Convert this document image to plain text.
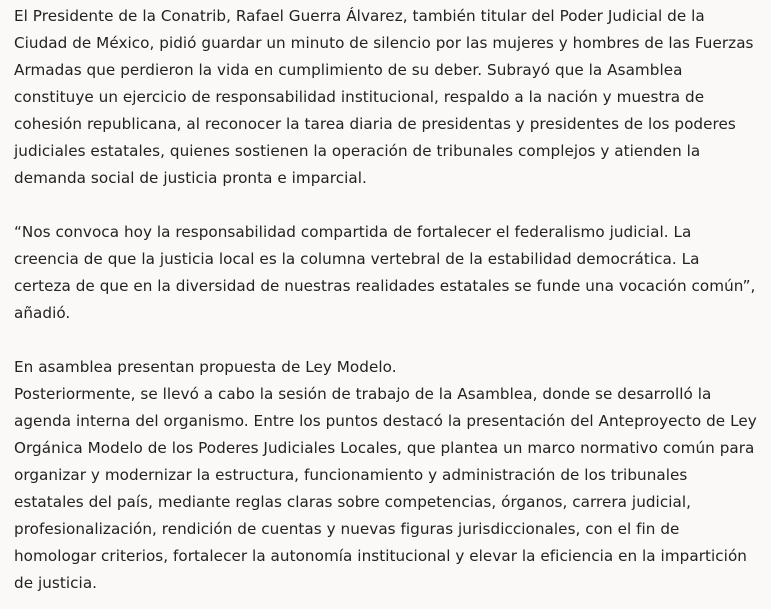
El Presidente de la Conatrib, Rafael Guerra Álvarez, también titular del Poder Judicial de la Ciudad de México, pidió guardar un minuto de silencio por las mujeres y hombres de las Fuerzas Armadas que perdieron la vida en cumplimiento de su deber. Subrayó que la Asamblea constituye un ejercicio de responsabilidad institucional, respaldo a la nación y muestra de cohesión republicana, al reconocer la tarea diaria de presidentas y presidentes de los poderes judiciales estatales, quienes sostienen la operación de tribunales complejos y atienden la demanda social de justicia pronta e imparcial.

“Nos convoca hoy la responsabilidad compartida de fortalecer el federalismo judicial. La creencia de que la justicia local es la columna vertebral de la estabilidad democrática. La certeza de que en la diversidad de nuestras realidades estatales se funde una vocación común”, añadió.

En asamblea presentan propuesta de Ley Modelo.

Posteriormente, se llevó a cabo la sesión de trabajo de la Asamblea, donde se desarrolló la agenda interna del organismo. Entre los puntos destacó la presentación del Anteproyecto de Ley Orgánica Modelo de los Poderes Judiciales Locales, que plantea un marco normativo común para organizar y modernizar la estructura, funcionamiento y administración de los tribunales estatales del país, mediante reglas claras sobre competencias, órganos, carrera judicial, profesionalización, rendición de cuentas y nuevas figuras jurisdiccionales, con el fin de homologar criterios, fortalecer la autonomía institucional y elevar la eficiencia en la impartición de justicia.
